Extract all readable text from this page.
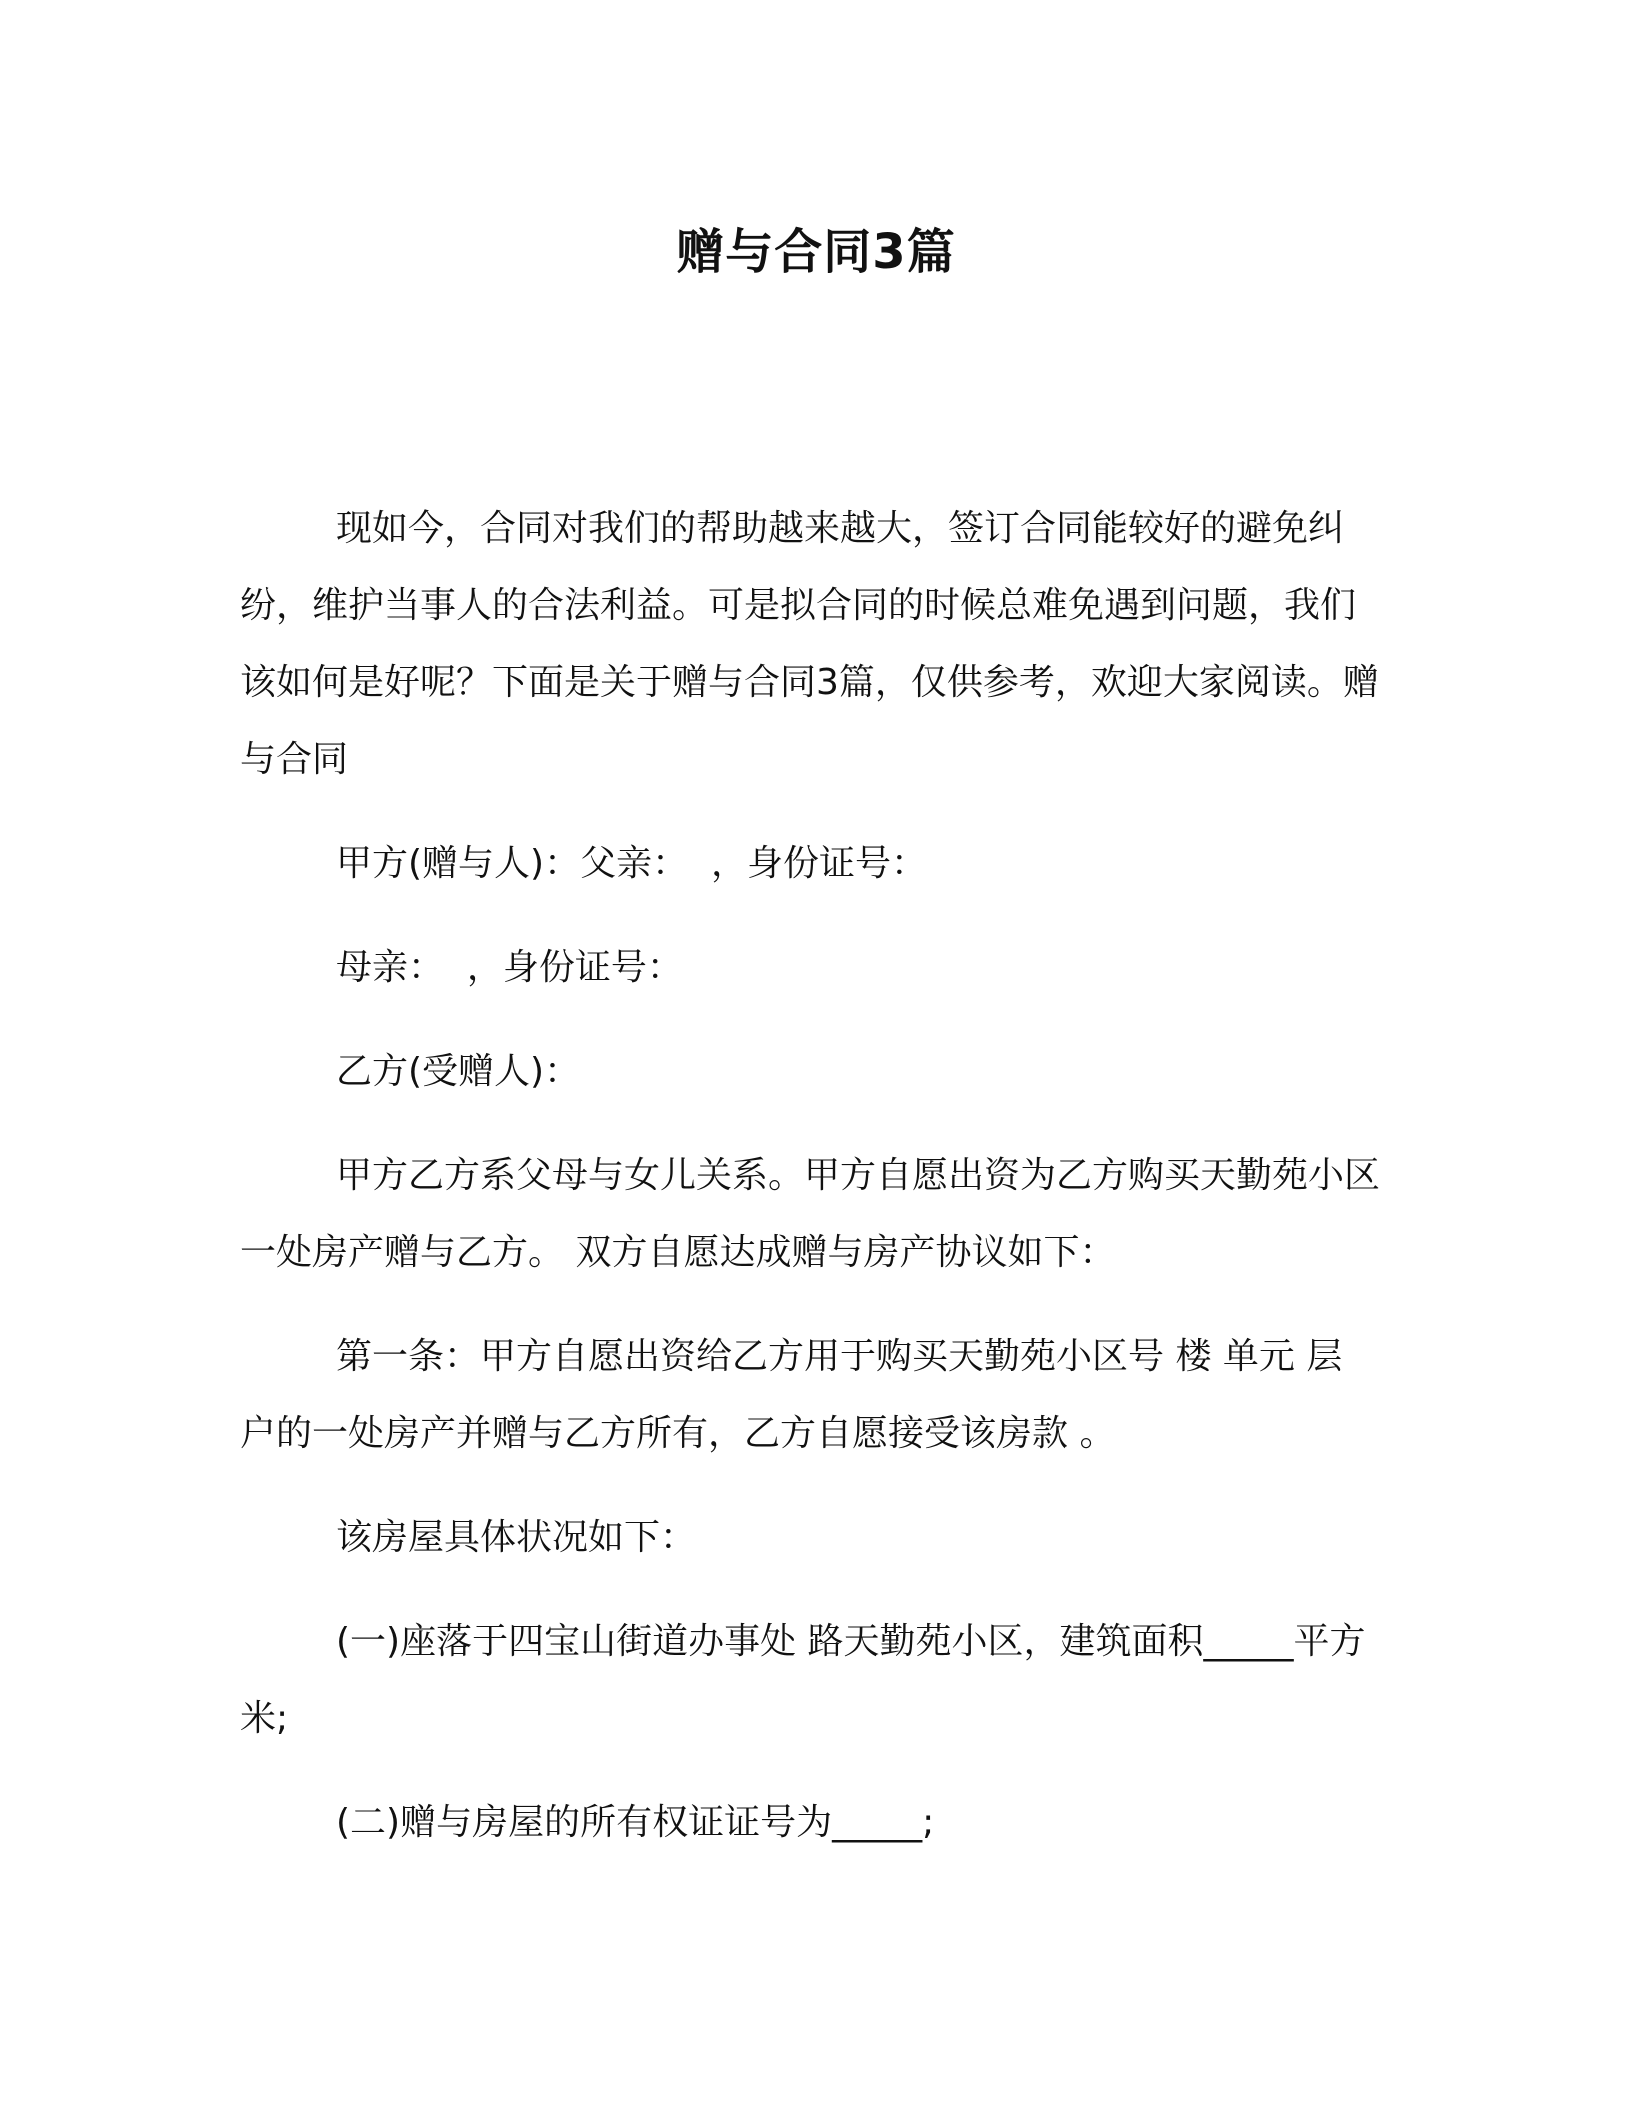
赠与合同3篇

现如今，合同对我们的帮助越来越大，签订合同能较好的避免纠纷，维护当事人的合法利益。可是拟合同的时候总难免遇到问题，我们该如何是好呢？下面是关于赠与合同3篇，仅供参考，欢迎大家阅读。赠与合同

甲方(赠与人)：父亲：  ，身份证号：

母亲：  ，身份证号：

乙方(受赠人)：

甲方乙方系父母与女儿关系。甲方自愿出资为乙方购买天勤苑小区一处房产赠与乙方。 双方自愿达成赠与房产协议如下：

第一条：甲方自愿出资给乙方用于购买天勤苑小区号 楼 单元 层 户的一处房产并赠与乙方所有，乙方自愿接受该房款 。

该房屋具体状况如下：

(一)座落于四宝山街道办事处 路天勤苑小区，建筑面积_____平方米;

(二)赠与房屋的所有权证证号为_____;
